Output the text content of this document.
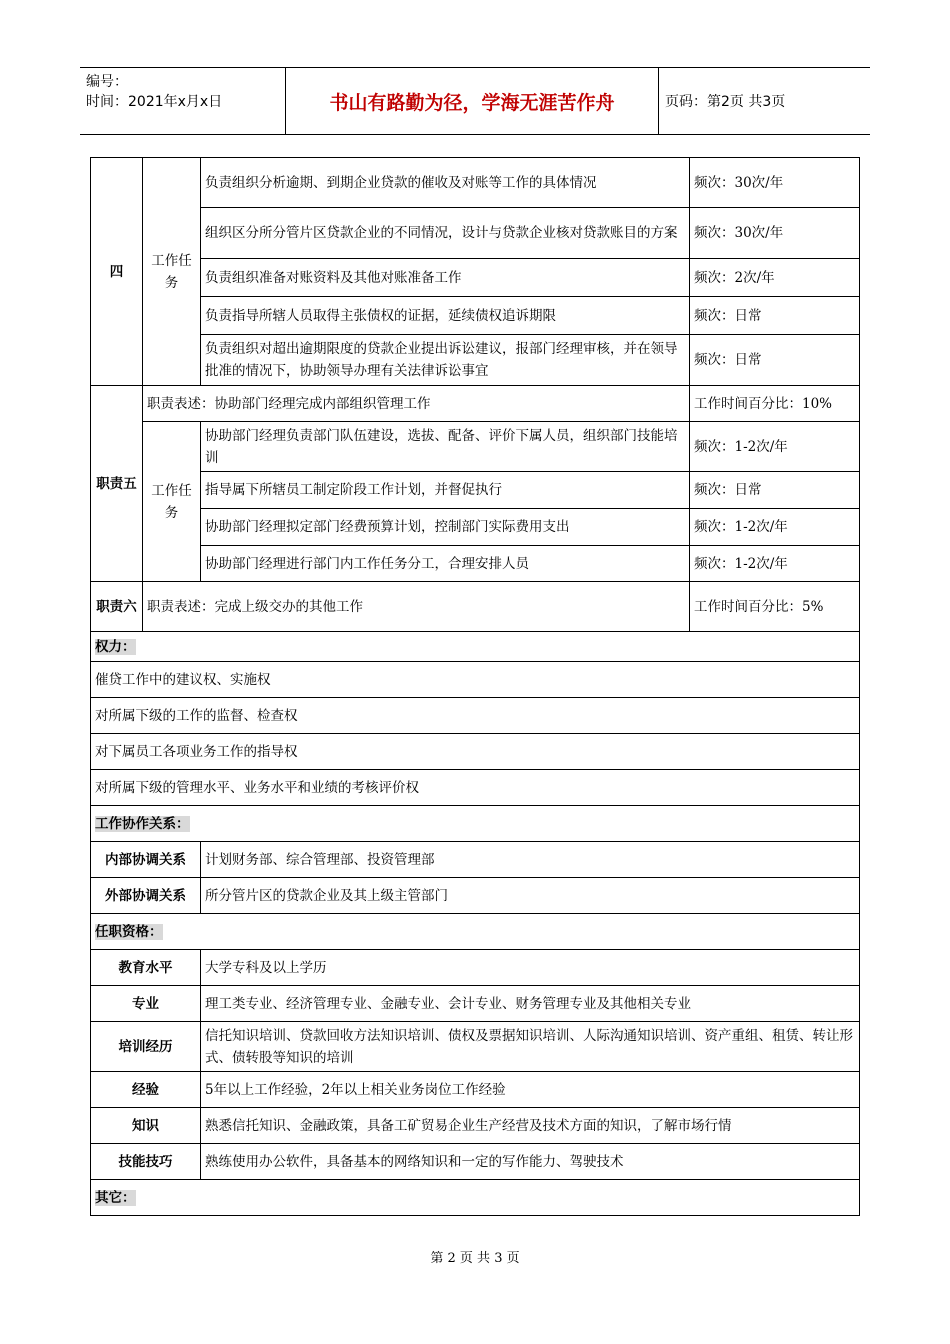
编号：
时间：2021年x月x日	书山有路勤为径，学海无涯苦作舟	页码：第2页 共3页
四	工作任务	负责组织分析逾期、到期企业贷款的催收及对账等工作的具体情况	频次：30次/年
		组织区分所分管片区贷款企业的不同情况，设计与贷款企业核对贷款账目的方案	频次：30次/年
		负责组织准备对账资料及其他对账准备工作	频次：2次/年
		负责指导所辖人员取得主张债权的证据，延续债权追诉期限	频次：日常
		负责组织对超出逾期限度的贷款企业提出诉讼建议，报部门经理审核，并在领导批准的情况下，协助领导办理有关法律诉讼事宜	频次：日常
职责五	职责表述：协助部门经理完成内部组织管理工作		工作时间百分比：10%
	工作任务	协助部门经理负责部门队伍建设，选拔、配备、评价下属人员，组织部门技能培训	频次：1-2次/年
		指导属下所辖员工制定阶段工作计划，并督促执行	频次：日常
		协助部门经理拟定部门经费预算计划，控制部门实际费用支出	频次：1-2次/年
		协助部门经理进行部门内工作任务分工，合理安排人员	频次：1-2次/年
职责六	职责表述：完成上级交办的其他工作		工作时间百分比：5%
权力：			
催贷工作中的建议权、实施权			
对所属下级的工作的监督、检查权			
对下属员工各项业务工作的指导权			
对所属下级的管理水平、业务水平和业绩的考核评价权			
工作协作关系：			
内部协调关系		计划财务部、综合管理部、投资管理部	
外部协调关系		所分管片区的贷款企业及其上级主管部门	
任职资格：			
教育水平		大学专科及以上学历	
专业		理工类专业、经济管理专业、金融专业、会计专业、财务管理专业及其他相关专业	
培训经历		信托知识培训、贷款回收方法知识培训、债权及票据知识培训、人际沟通知识培训、资产重组、租赁、转让形式、债转股等知识的培训	
经验		5年以上工作经验，2年以上相关业务岗位工作经验	
知识		熟悉信托知识、金融政策，具备工矿贸易企业生产经营及技术方面的知识，了解市场行情	
技能技巧		熟练使用办公软件，具备基本的网络知识和一定的写作能力、驾驶技术	
其它：			
第 2 页 共 3 页
